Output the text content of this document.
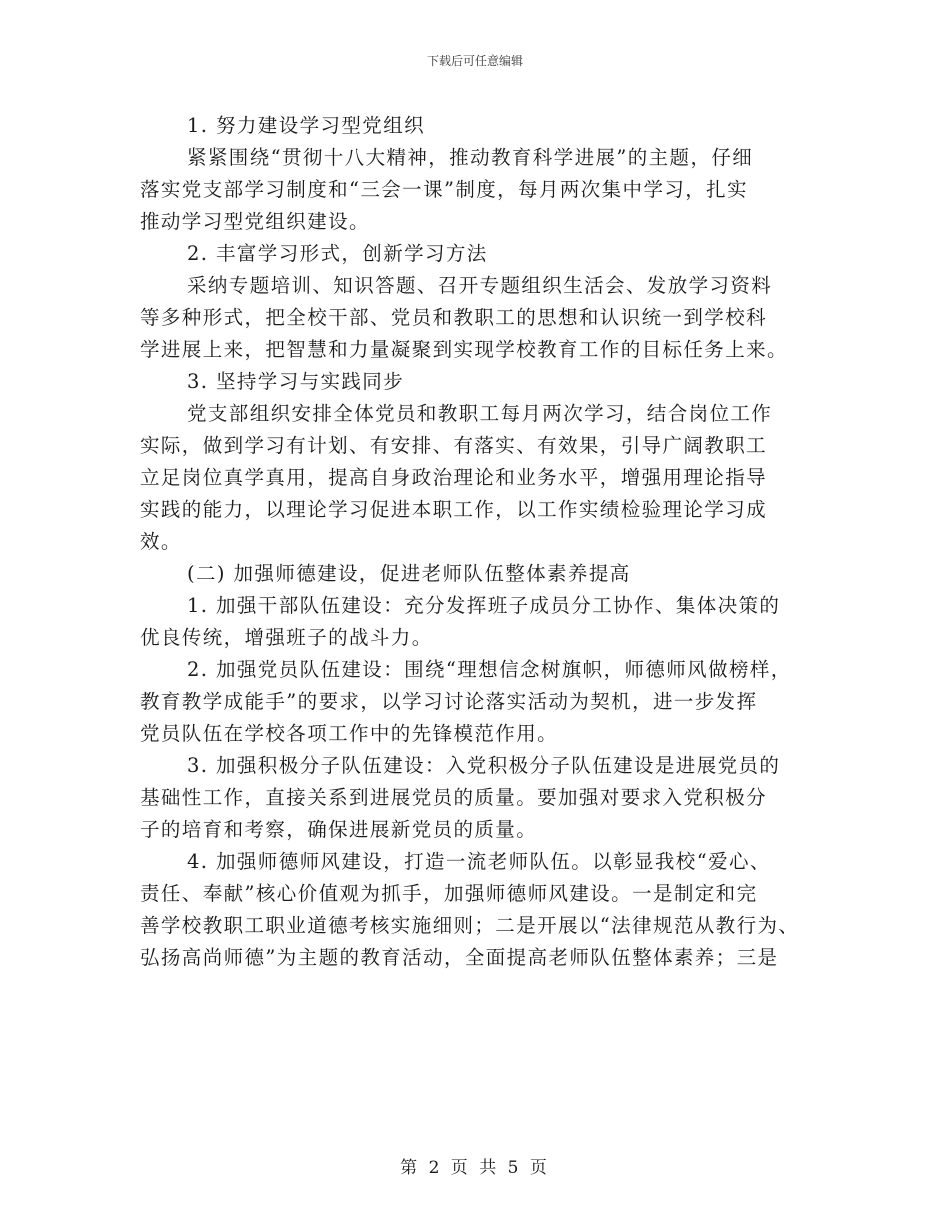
下载后可任意编辑
1. 努力建设学习型党组织
紧紧围绕“贯彻十八大精神，推动教育科学进展”的主题，仔细
落实党支部学习制度和“三会一课”制度，每月两次集中学习，扎实
推动学习型党组织建设。
2. 丰富学习形式，创新学习方法
采纳专题培训、知识答题、召开专题组织生活会、发放学习资料
等多种形式，把全校干部、党员和教职工的思想和认识统一到学校科
学进展上来，把智慧和力量凝聚到实现学校教育工作的目标任务上来。
3. 坚持学习与实践同步
党支部组织安排全体党员和教职工每月两次学习，结合岗位工作
实际，做到学习有计划、有安排、有落实、有效果，引导广阔教职工
立足岗位真学真用，提高自身政治理论和业务水平，增强用理论指导
实践的能力，以理论学习促进本职工作，以工作实绩检验理论学习成
效。
(二) 加强师德建设，促进老师队伍整体素养提高
1. 加强干部队伍建设：充分发挥班子成员分工协作、集体决策的
优良传统，增强班子的战斗力。
2. 加强党员队伍建设：围绕“理想信念树旗帜，师德师风做榜样，
教育教学成能手”的要求，以学习讨论落实活动为契机，进一步发挥
党员队伍在学校各项工作中的先锋模范作用。
3. 加强积极分子队伍建设：入党积极分子队伍建设是进展党员的
基础性工作，直接关系到进展党员的质量。要加强对要求入党积极分
子的培育和考察，确保进展新党员的质量。
4. 加强师德师风建设，打造一流老师队伍。以彰显我校“爱心、
责任、奉献”核心价值观为抓手，加强师德师风建设。一是制定和完
善学校教职工职业道德考核实施细则；二是开展以“法律规范从教行为、
弘扬高尚师德”为主题的教育活动，全面提高老师队伍整体素养；三是
第 2 页 共 5 页
